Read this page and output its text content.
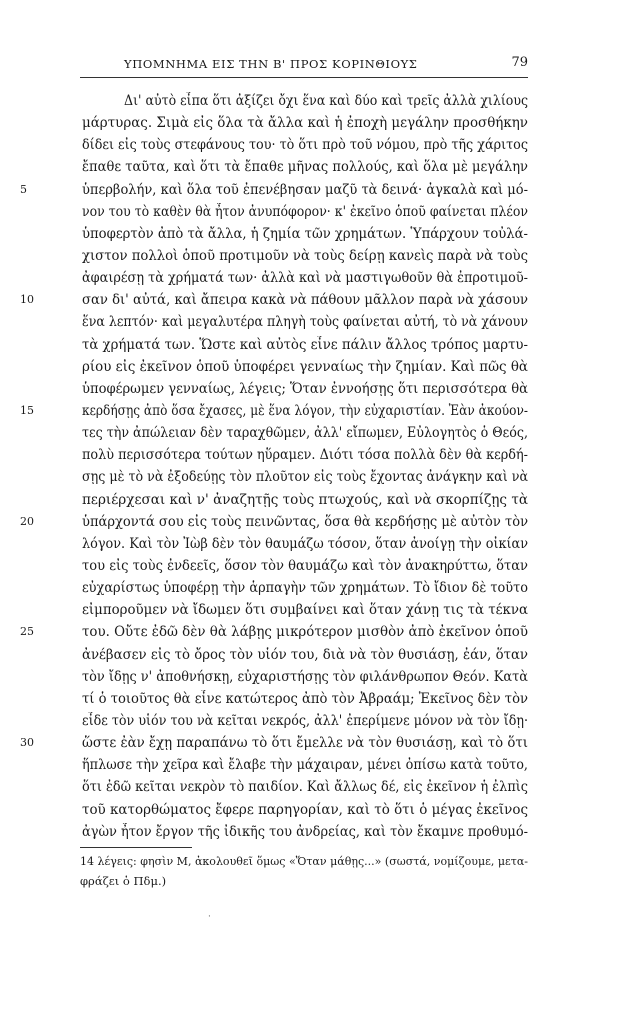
ΥΠΟΜΝΗΜΑ ΕΙΣ ΤΗΝ Β' ΠΡΟΣ ΚΟΡΙΝΘΙΟΥΣ	79
Δι' αὐτὸ εἶπα ὅτι ἀξίζει ὄχι ἕνα καὶ δύο καὶ τρεῖς ἀλλὰ χιλίους
μάρτυρας. Σιμὰ εἰς ὅλα τὰ ἄλλα καὶ ἡ ἐποχὴ μεγάλην προσθήκην
δίδει εἰς τοὺς στεφάνους του· τὸ ὅτι πρὸ τοῦ νόμου, πρὸ τῆς χάριτος
ἔπαθε ταῦτα, καὶ ὅτι τὰ ἔπαθε μῆνας πολλούς, καὶ ὅλα μὲ μεγάλην
5	ὑπερβολήν, καὶ ὅλα τοῦ ἐπενέβησαν μαζῦ τὰ δεινά· ἀγκαλὰ καὶ μό-
νον του τὸ καθὲν θὰ ἦτον ἀνυπόφορον· κ' ἐκεῖνο ὁποῦ φαίνεται πλέον
ὑποφερτὸν ἀπὸ τὰ ἄλλα, ἡ ζημία τῶν χρημάτων. Ὑπάρχουν τοὐλά-
χιστον πολλοὶ ὁποῦ προτιμοῦν νὰ τοὺς δείρῃ κανεὶς παρὰ νὰ τοὺς
ἀφαιρέσῃ τὰ χρήματά των· ἀλλὰ καὶ νὰ μαστιγωθοῦν θὰ ἐπροτιμοῦ-
10	σαν δι' αὐτά, καὶ ἄπειρα κακὰ νὰ πάθουν μᾶλλον παρὰ νὰ χάσουν
ἕνα λεπτόν· καὶ μεγαλυτέρα πληγὴ τοὺς φαίνεται αὐτή, τὸ νὰ χάνουν
τὰ χρήματά των. Ὥστε καὶ αὐτὸς εἶνε πάλιν ἄλλος τρόπος μαρτυ-
ρίου εἰς ἐκεῖνον ὁποῦ ὑποφέρει γενναίως τὴν ζημίαν. Καὶ πῶς θὰ
ὑποφέρωμεν γενναίως, λέγεις; Ὅταν ἐννοήσῃς ὅτι περισσότερα θὰ
15	κερδήσῃς ἀπὸ ὅσα ἔχασες, μὲ ἕνα λόγον, τὴν εὐχαριστίαν. Ἐὰν ἀκούον-
τες τὴν ἀπώλειαν δὲν ταραχθῶμεν, ἀλλ' εἴπωμεν, Εὐλογητὸς ὁ Θεός,
πολὺ περισσότερα τούτων ηὕραμεν. Διότι τόσα πολλὰ δὲν θὰ κερδή-
σῃς μὲ τὸ νὰ ἐξοδεύῃς τὸν πλοῦτον εἰς τοὺς ἔχοντας ἀνάγκην καὶ νὰ
περιέρχεσαι καὶ ν' ἀναζητῇς τοὺς πτωχούς, καὶ νὰ σκορπίζῃς τὰ
20	ὑπάρχοντά σου εἰς τοὺς πεινῶντας, ὅσα θὰ κερδήσῃς μὲ αὐτὸν τὸν
λόγον. Καὶ τὸν Ἰὼβ δὲν τὸν θαυμάζω τόσον, ὅταν ἀνοίγῃ τὴν οἰκίαν
του εἰς τοὺς ἐνδεεῖς, ὅσον τὸν θαυμάζω καὶ τὸν ἀνακηρύττω, ὅταν
εὐχαρίστως ὑποφέρῃ τὴν ἁρπαγὴν τῶν χρημάτων. Τὸ ἴδιον δὲ τοῦτο
εἰμποροῦμεν νὰ ἴδωμεν ὅτι συμβαίνει καὶ ὅταν χάνῃ τις τὰ τέκνα
25	του. Οὔτε ἐδῶ δὲν θὰ λάβῃς μικρότερον μισθὸν ἀπὸ ἐκεῖνον ὁποῦ
ἀνέβασεν εἰς τὸ ὄρος τὸν υἱόν του, διὰ νὰ τὸν θυσιάσῃ, ἐάν, ὅταν
τὸν ἴδῃς ν' ἀποθνήσκῃ, εὐχαριστήσῃς τὸν φιλάνθρωπον Θεόν. Κατὰ
τί ὁ τοιοῦτος θὰ εἶνε κατώτερος ἀπὸ τὸν Ἀβραάμ; Ἐκεῖνος δὲν τὸν
εἶδε τὸν υἱόν του νὰ κεῖται νεκρός, ἀλλ' ἐπερίμενε μόνον νὰ τὸν ἴδῃ·
30	ὥστε ἐὰν ἔχῃ παραπάνω τὸ ὅτι ἔμελλε νὰ τὸν θυσιάσῃ, καὶ τὸ ὅτι
ἥπλωσε τὴν χεῖρα καὶ ἔλαβε τὴν μάχαιραν, μένει ὀπίσω κατὰ τοῦτο,
ὅτι ἐδῶ κεῖται νεκρὸν τὸ παιδίον. Καὶ ἄλλως δέ, εἰς ἐκεῖνον ἡ ἐλπὶς
τοῦ κατορθώματος ἔφερε παρηγορίαν, καὶ τὸ ὅτι ὁ μέγας ἐκεῖνος
ἀγὼν ἦτον ἔργον τῆς ἰδικῆς του ἀνδρείας, καὶ τὸν ἔκαμνε προθυμό-
14 λέγεις: φησὶν Μ, ἀκολουθεῖ ὅμως «Ὅταν μάθῃς...» (σωστά, νομίζουμε, μετα-
φράζει ὁ Πδμ.)
·
